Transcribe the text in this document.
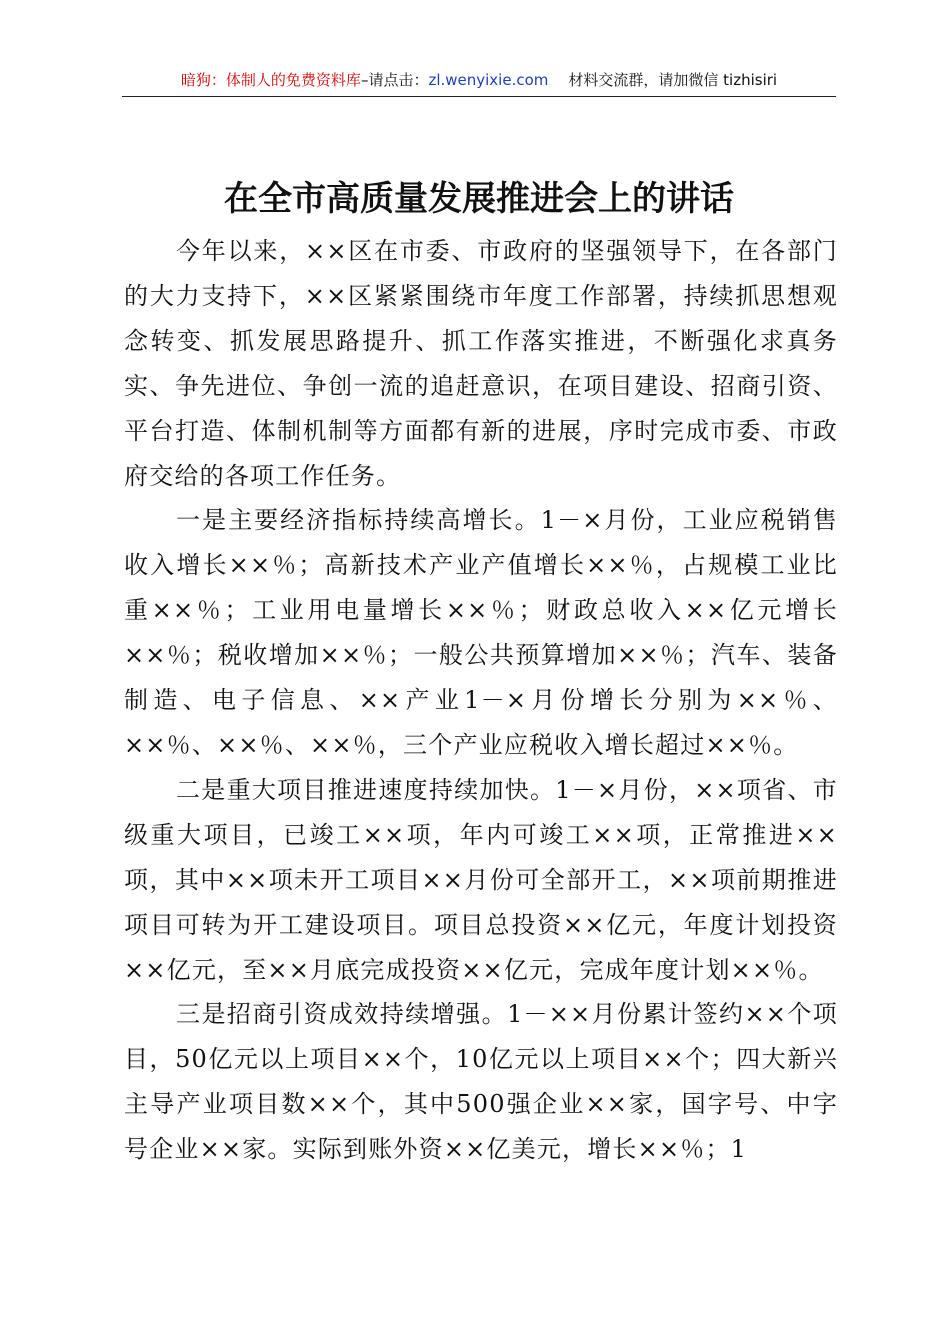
暗狗：体制人的免费资料库–请点击：zl.wenyixie.com 材料交流群，请加微信 tizhisiri
在全市高质量发展推进会上的讲话

今年以来，××区在市委、市政府的坚强领导下，在各部门的大力支持下，××区紧紧围绕市年度工作部署，持续抓思想观念转变、抓发展思路提升、抓工作落实推进，不断强化求真务实、争先进位、争创一流的追赶意识，在项目建设、招商引资、平台打造、体制机制等方面都有新的进展，序时完成市委、市政府交给的各项工作任务。

一是主要经济指标持续高增长。1－×月份，工业应税销售收入增长××％；高新技术产业产值增长××％，占规模工业比重××％；工业用电量增长××％；财政总收入××亿元增长××％；税收增加××％；一般公共预算增加××％；汽车、装备制造、电子信息、××产业1－×月份增长分别为××％、××％、××％、××％，三个产业应税收入增长超过××％。

二是重大项目推进速度持续加快。1－×月份，××项省、市级重大项目，已竣工××项，年内可竣工××项，正常推进××项，其中××项未开工项目××月份可全部开工，××项前期推进项目可转为开工建设项目。项目总投资××亿元，年度计划投资××亿元，至××月底完成投资××亿元，完成年度计划××％。

三是招商引资成效持续增强。1－××月份累计签约××个项目，50亿元以上项目××个，10亿元以上项目××个；四大新兴主导产业项目数××个，其中500强企业××家，国字号、中字号企业××家。实际到账外资××亿美元，增长××％；1
